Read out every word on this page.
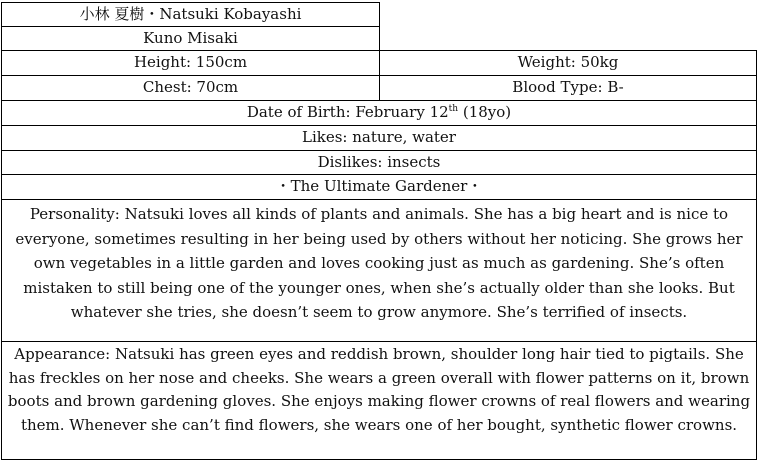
小林 夏樹・Natsuki Kobayashi
Kuno Misaki
Height: 150cm	Weight: 50kg
Chest: 70cm	Blood Type: B-
Date of Birth: February 12th (18yo)
Likes: nature, water
Dislikes: insects
・The Ultimate Gardener・
Personality: Natsuki loves all kinds of plants and animals. She has a big heart and is nice to everyone, sometimes resulting in her being used by others without her noticing. She grows her own vegetables in a little garden and loves cooking just as much as gardening. She’s often mistaken to still being one of the younger ones, when she’s actually older than she looks. But whatever she tries, she doesn’t seem to grow anymore. She’s terrified of insects.
Appearance: Natsuki has green eyes and reddish brown, shoulder long hair tied to pigtails. She has freckles on her nose and cheeks. She wears a green overall with flower patterns on it, brown boots and brown gardening gloves. She enjoys making flower crowns of real flowers and wearing them. Whenever she can’t find flowers, she wears one of her bought, synthetic flower crowns.
